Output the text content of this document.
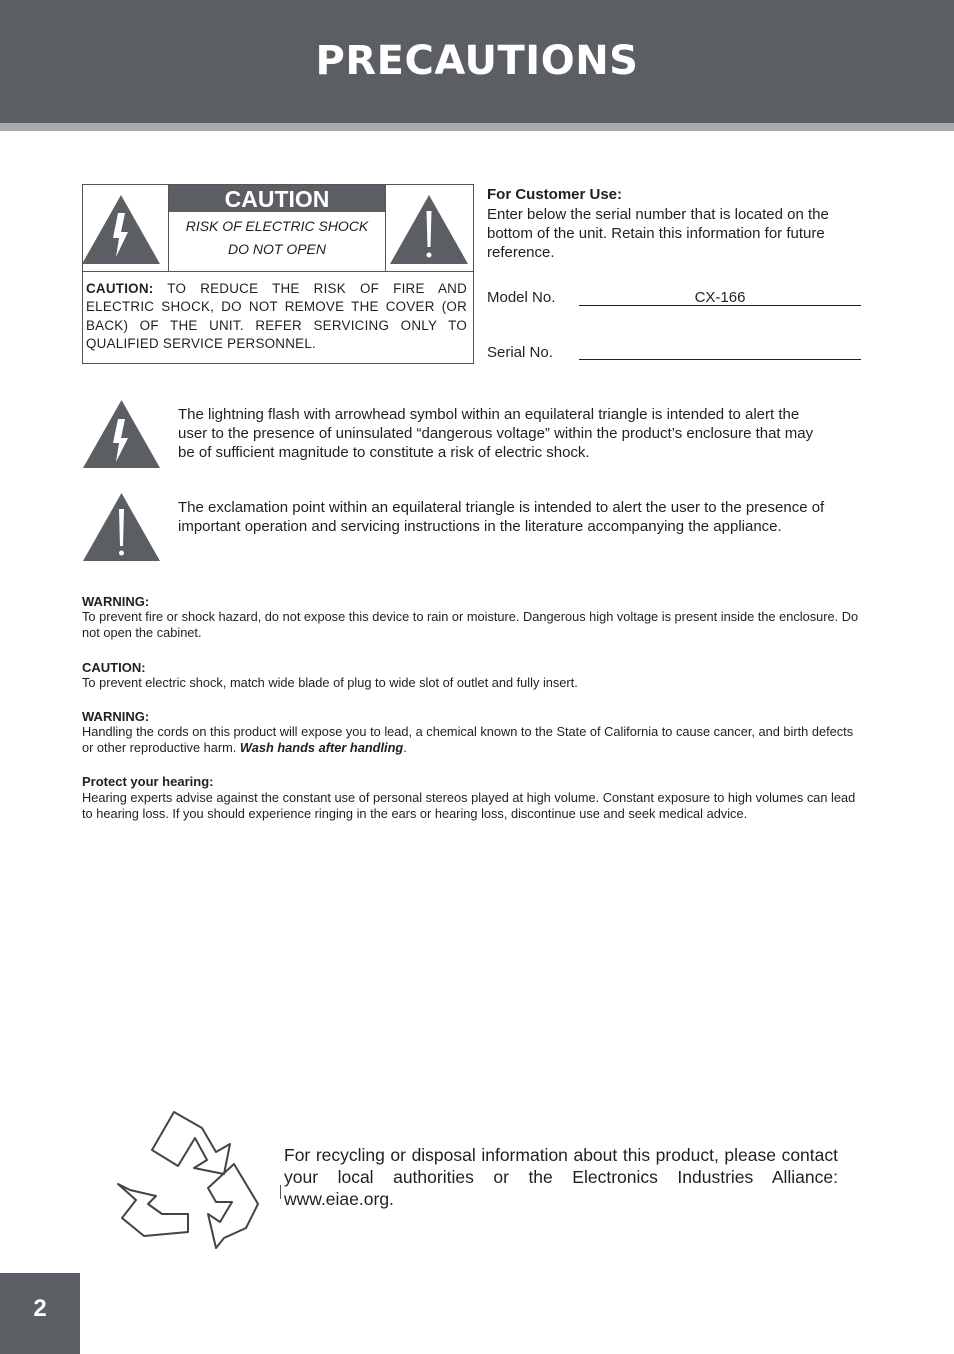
PRECAUTIONS
CAUTION
RISK OF ELECTRIC SHOCK
DO NOT OPEN
CAUTION: TO REDUCE THE RISK OF FIRE AND ELECTRIC SHOCK, DO NOT REMOVE THE COVER (OR BACK) OF THE UNIT. REFER SERVICING ONLY TO QUALIFIED SERVICE PERSONNEL.
For Customer Use:
Enter below the serial number that is located on the bottom of the unit. Retain this information for future reference.
Model No.	CX-166
Serial No.
The lightning flash with arrowhead symbol within an equilateral triangle is intended to alert the user to the presence of uninsulated “dangerous voltage” within the product’s enclosure that may be of sufficient magnitude to constitute a risk of electric shock.
The exclamation point within an equilateral triangle is intended to alert the user to the presence of important operation and servicing instructions in the literature accompanying the appliance.
WARNING:
To prevent fire or shock hazard, do not expose this device to rain or moisture. Dangerous high voltage is present inside the enclosure. Do not open the cabinet.
CAUTION:
To prevent electric shock, match wide blade of plug to wide slot of outlet and fully insert.
WARNING:
Handling the cords on this product will expose you to lead, a chemical known to the State of California to cause cancer, and birth defects or other reproductive harm. Wash hands after handling.
Protect your hearing:
Hearing experts advise against the constant use of personal stereos played at high volume. Constant exposure to high volumes can lead to hearing loss. If you should experience ringing in the ears or hearing loss, discontinue use and seek medical advice.
For recycling or disposal information about this product, please contact your local authorities or the Electronics Industries Alliance: www.eiae.org.
2
